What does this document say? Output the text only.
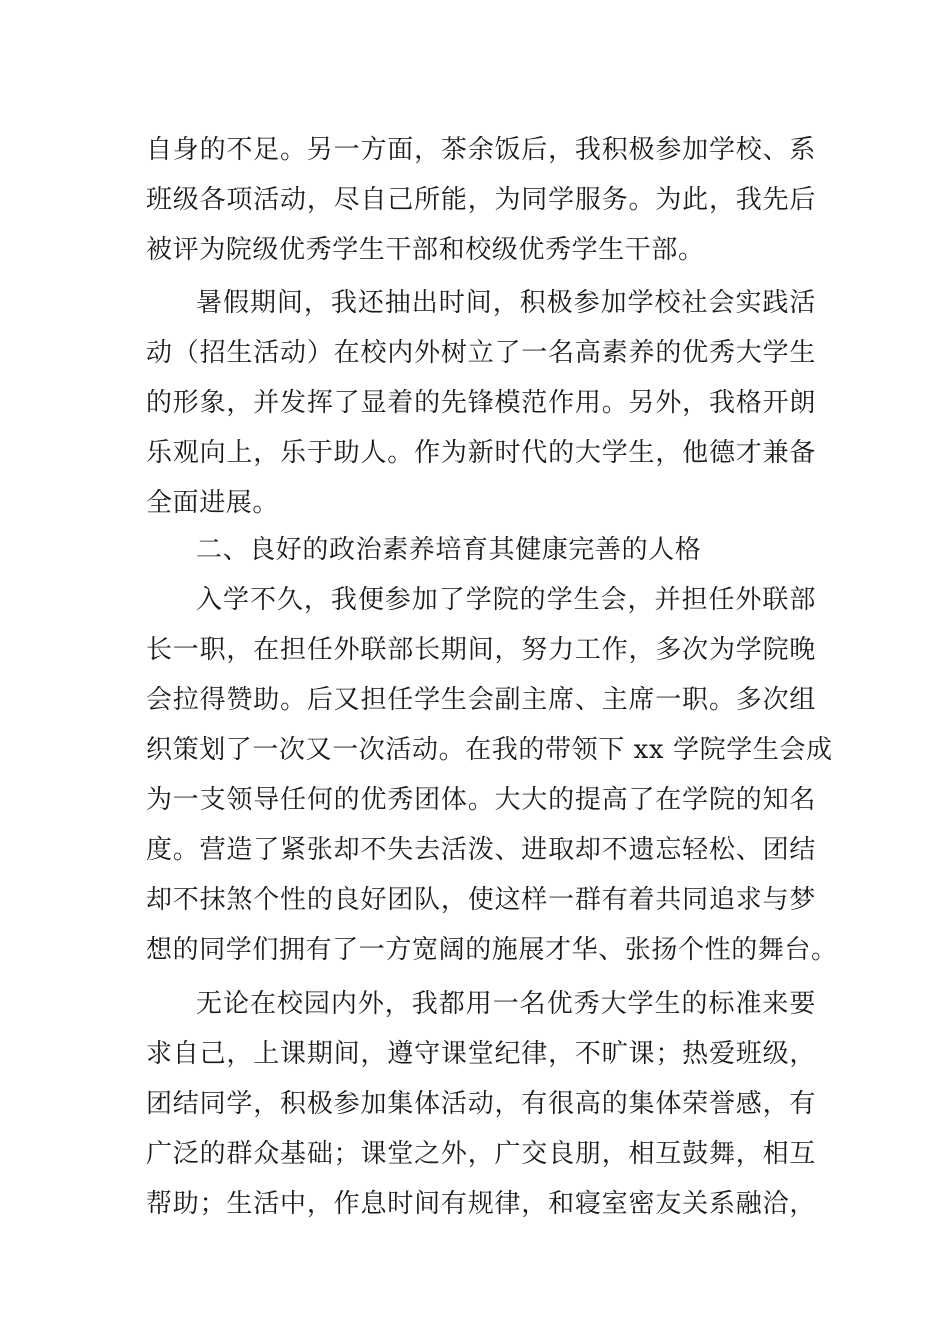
自身的不足。另一方面，茶余饭后，我积极参加学校、系
班级各项活动，尽自己所能，为同学服务。为此，我先后
被评为院级优秀学生干部和校级优秀学生干部。
暑假期间，我还抽出时间，积极参加学校社会实践活
动（招生活动）在校内外树立了一名高素养的优秀大学生
的形象，并发挥了显着的先锋模范作用。另外，我格开朗
乐观向上，乐于助人。作为新时代的大学生，他德才兼备
全面进展。
二、良好的政治素养培育其健康完善的人格
入学不久，我便参加了学院的学生会，并担任外联部
长一职，在担任外联部长期间，努力工作，多次为学院晚
会拉得赞助。后又担任学生会副主席、主席一职。多次组
织策划了一次又一次活动。在我的带领下 xx 学院学生会成
为一支领导任何的优秀团体。大大的提高了在学院的知名
度。营造了紧张却不失去活泼、进取却不遗忘轻松、团结
却不抹煞个性的良好团队，使这样一群有着共同追求与梦
想的同学们拥有了一方宽阔的施展才华、张扬个性的舞台。
无论在校园内外，我都用一名优秀大学生的标准来要
求自己，上课期间，遵守课堂纪律，不旷课；热爱班级，
团结同学，积极参加集体活动，有很高的集体荣誉感，有
广泛的群众基础；课堂之外，广交良朋，相互鼓舞，相互
帮助；生活中，作息时间有规律，和寝室密友关系融洽，
